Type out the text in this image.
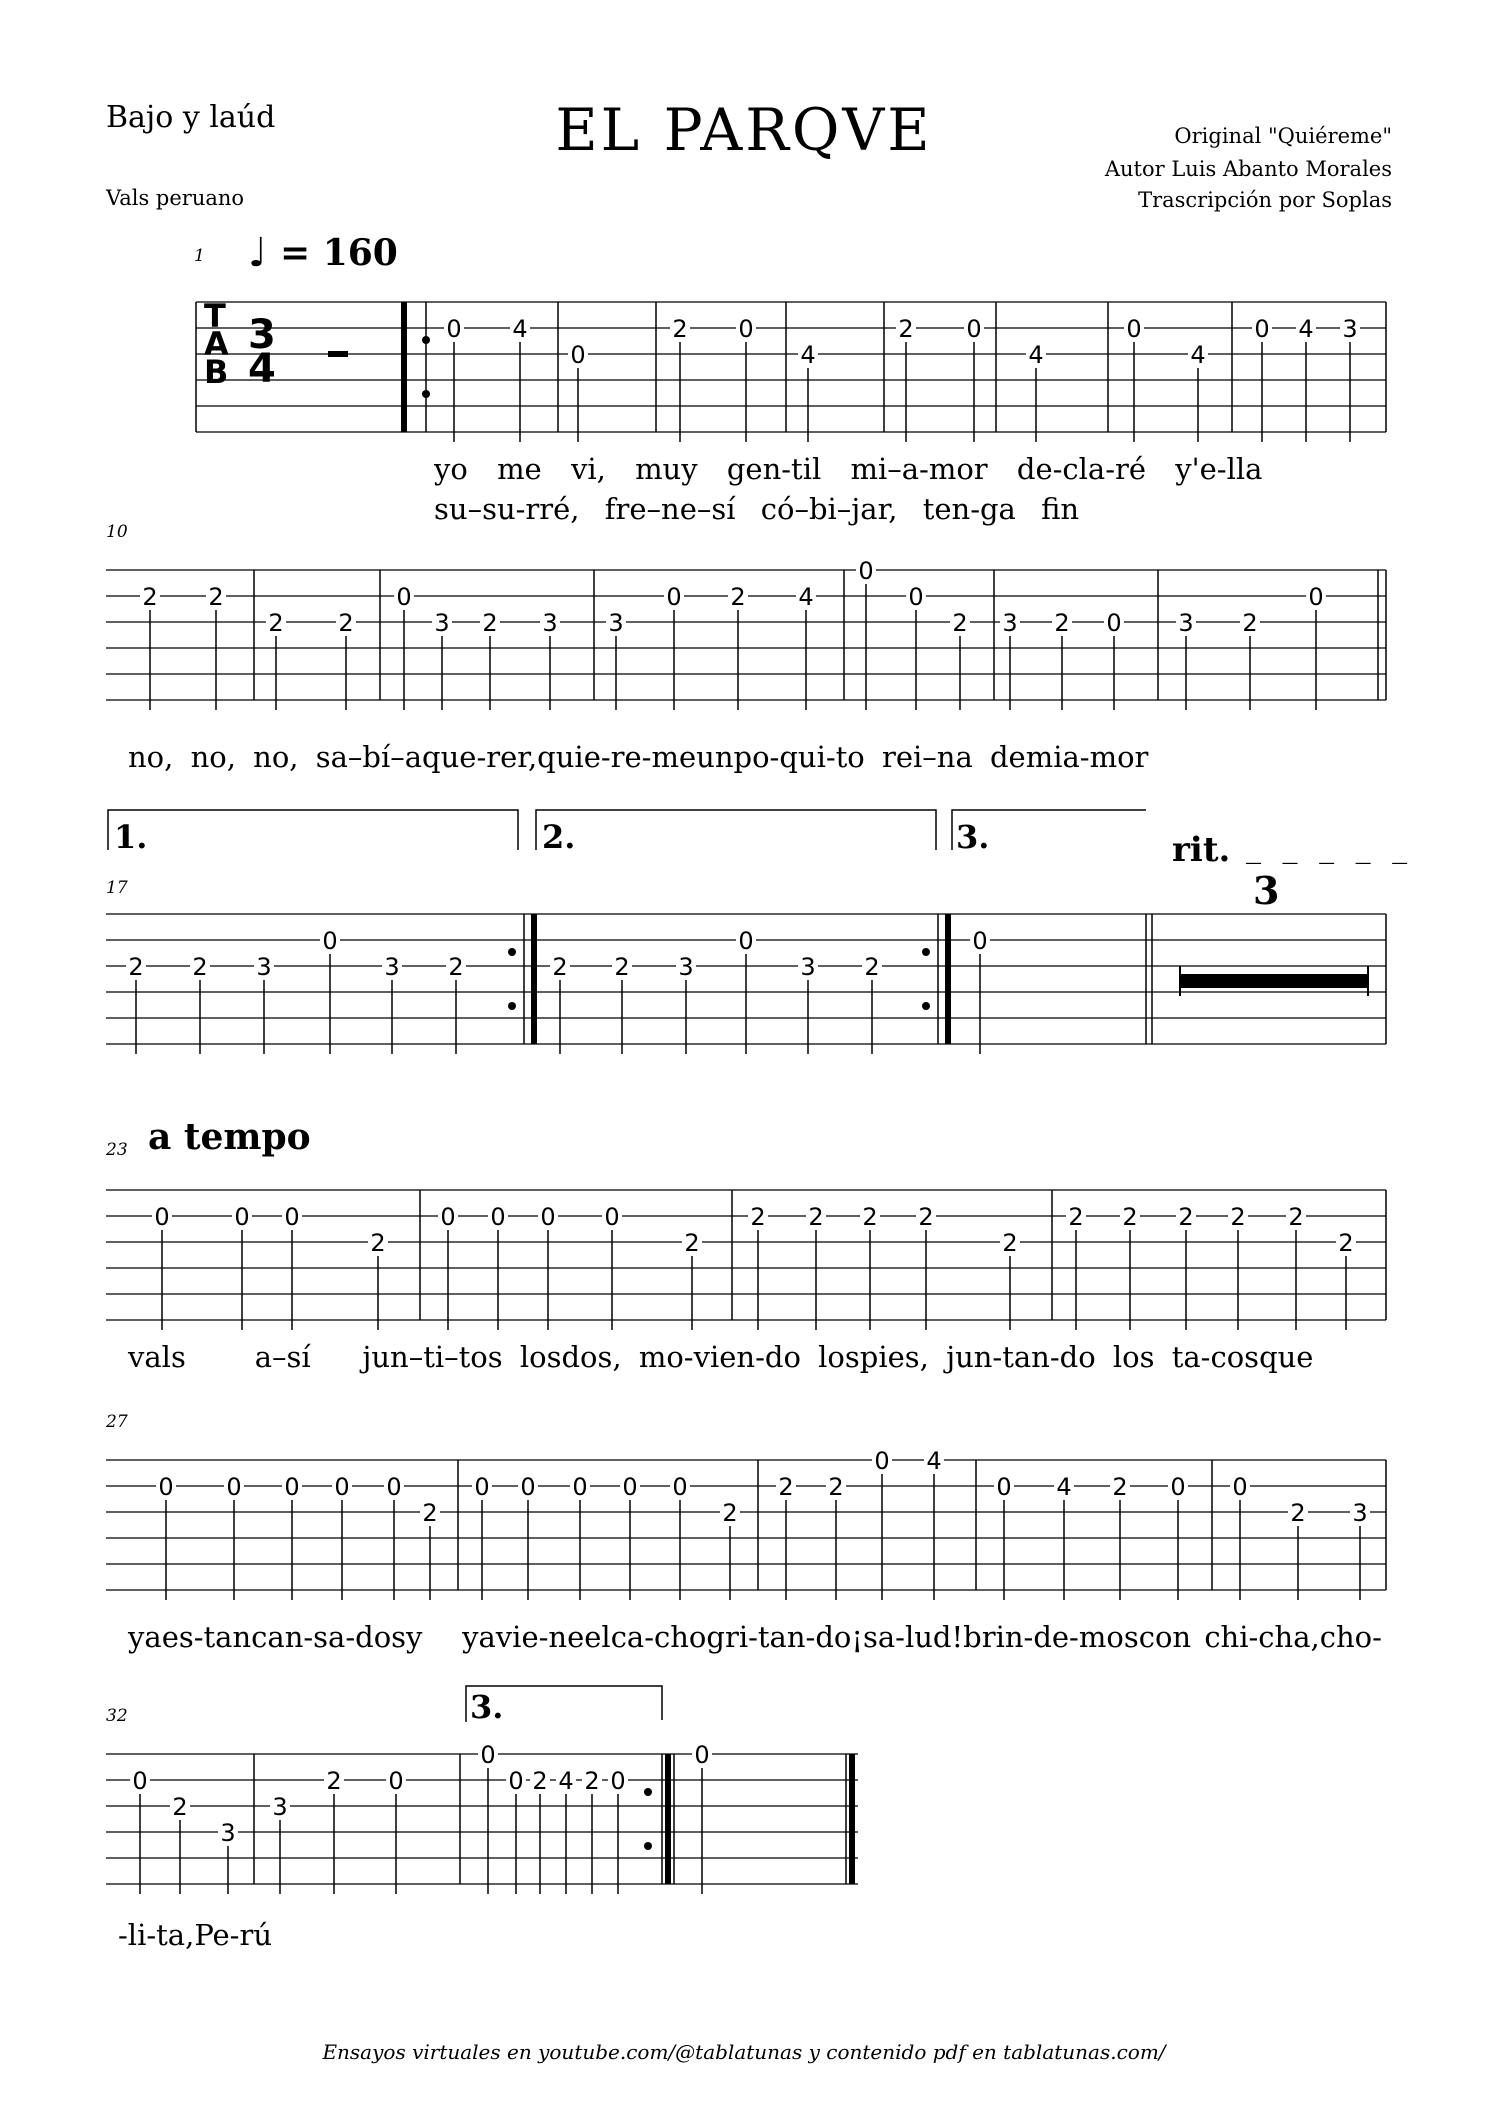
EL PARQVE
Bajo y laúd
Vals peruano
Original "Quiéreme"
Autor Luis Abanto Morales
Trascripción por Soplas
1
10
17
23
27
32
♩ = 160
rit. _ _ _ _ _
3
a tempo
1.	2.	3.
3.
T
A
B
3
4
0 4
0
2 0
4
2 0
4
0
4
0 4 3
2 2
2 2
0
3 2 3 3
0 2 4
0
0
2 3 2 0 3 2
0
2 2 3
0
3 2	2 2 3
0
3 2
0
0	0 0
2
0 0 0 0
2
2 2 2 2
2
2 2 2 2 2
2
0 0 0 0 0
2
0 0 0 0 0
2
2 2
0 4
0 4 2 0 0
2 3
0
2
3
3
2 0
0
0 2 4 2 0
0
yo me vi, muy gen-til mi–a-mor de-cla-ré y'e-lla
su–su-rré, fre–ne–sí có–bi–jar, ten-ga fin
no, no, no, sa–bí–aque-rer,quie-re-meunpo-qui-to rei–na demia-mor
vals a–sí jun–ti–tos losdos, mo-vien-do lospies, jun-tan-do los ta-cosque
yaes-tancan-sa-dosy yavie-neelca-chogri-tan-do¡sa-lud!brin-de-moscon chi-cha,cho-
-li-ta,Pe-rú
Ensayos virtuales en youtube.com/@tablatunas y contenido pdf en tablatunas.com/
